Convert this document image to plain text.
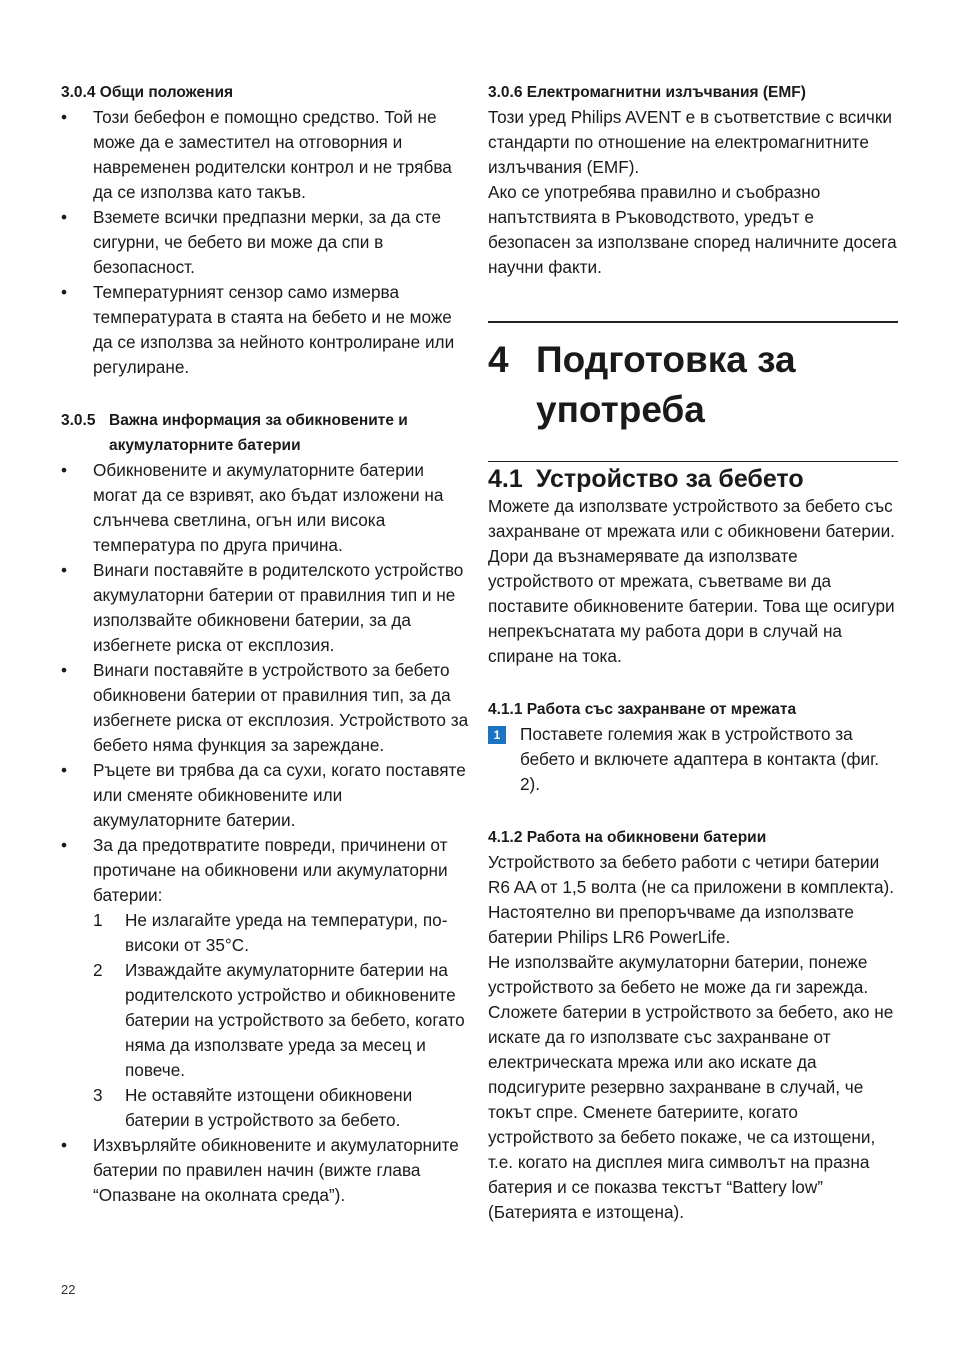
3.0.4 Общи положения
• Този бебефон е помощно средство. Той не може да е заместител на отговорния и навременен родителски контрол и не трябва да се използва като такъв.
• Вземете всички предпазни мерки, за да сте сигурни, че бебето ви може да спи в безопасност.
• Температурният сензор само измерва температурата в стаята на бебето и не може да се използва за нейното контролиране или регулиране.
3.0.5 Важна информация за обикновените и акумулаторните батерии
• Обикновените и акумулаторните батерии могат да се взривят, ако бъдат изложени на слънчева светлина, огън или висока температура по друга причина.
• Винаги поставяйте в родителското устройство акумулаторни батерии от правилния тип и не използвайте обикновени батерии, за да избегнете риска от експлозия.
• Винаги поставяйте в устройството за бебето обикновени батерии от правилния тип, за да избегнете риска от експлозия. Устройството за бебето няма функция за зареждане.
• Ръцете ви трябва да са сухи, когато поставяте или сменяте обикновените или акумулаторните батерии.
• За да предотвратите повреди, причинени от протичане на обикновени или акумулаторни батерии:
1	Не излагайте уреда на температури, по-високи от 35°C.
2	Изваждайте акумулаторните батерии на родителското устройство и обикновените батерии на устройството за бебето, когато няма да използвате уреда за месец и повече.
3	Не оставяйте изтощени обикновени батерии в устройството за бебето.
• Изхвърляйте обикновените и акумулаторните батерии по правилен начин (вижте глава “Опазване на околната среда”).
3.0.6 Електромагнитни излъчвания (EMF)

Този уред Philips AVENT е в съответствие с всички стандарти по отношение на електромагнитните излъчвания (EMF).

Ако се употребява правилно и съобразно напътствията в Ръководството, уредът е безопасен за използване според наличните досега научни факти.

4 Подготовка за употреба
4.1 Устройство за бебето

Можете да използвате устройството за бебето със захранване от мрежата или с обикновени батерии. Дори да възнамерявате да използвате устройството от мрежата, съветваме ви да поставите обикновените батерии. Това ще осигури непрекъснатата му работа дори в случай на спиране на тока.

4.1.1 Работа със захранване от мрежата
1	Поставете големия жак в устройството за бебето и включете адаптера в контакта (фиг. 2).
4.1.2 Работа на обикновени батерии

Устройството за бебето работи с четири батерии R6 AA от 1,5 волта (не са приложени в комплекта). Настоятелно ви препоръчваме да използвате батерии Philips LR6 PowerLife.

Не използвайте акумулаторни батерии, понеже устройството за бебето не може да ги зарежда.

Сложете батерии в устройството за бебето, ако не искате да го използвате със захранване от електрическата мрежа или ако искате да подсигурите резервно захранване в случай, че токът спре. Сменете батериите, когато устройството за бебето покаже, че са изтощени, т.е. когато на дисплея мига символът на празна батерия и се показва текстът “Battery low” (Батерията е изтощена).

22
